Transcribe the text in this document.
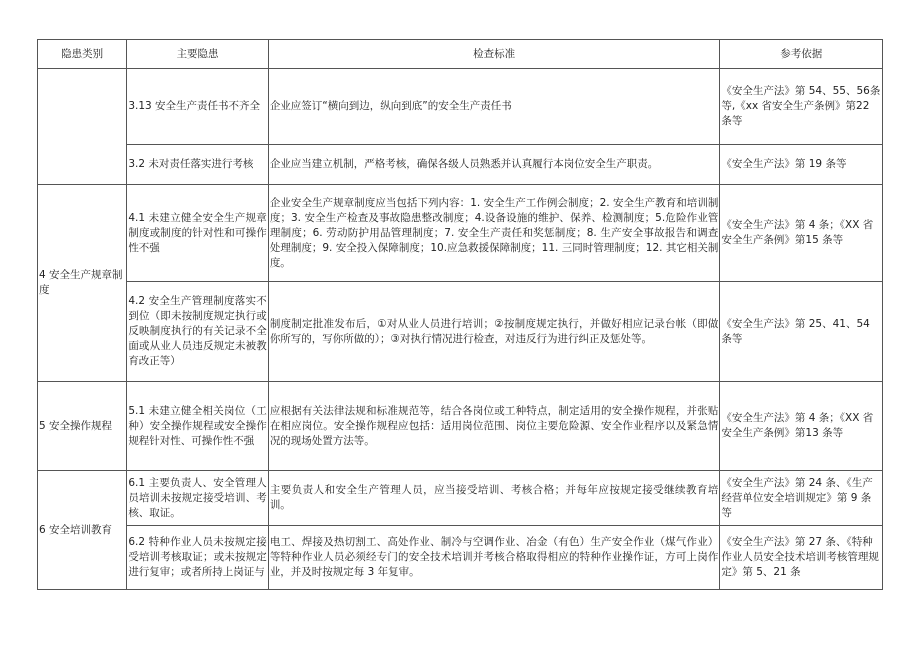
隐患类别	主要隐患	检查标准	参考依据
	3.13 安全生产责任书不齐全	企业应签订“横向到边，纵向到底”的安全生产责任书	《安全生产法》第 54、55、56条等,《xx 省安全生产条例》第22 条等
	3.2 未对责任落实进行考核	企业应当建立机制，严格考核，确保各级人员熟悉并认真履行本岗位安全生产职责。	《安全生产法》第 19 条等
4 安全生产规章制度	4.1 未建立健全安全生产规章制度或制度的针对性和可操作性不强	企业安全生产规章制度应当包括下列内容：1. 安全生产工作例会制度；2. 安全生产教育和培训制度；3. 安全生产检查及事故隐患整改制度；4.设备设施的维护、保养、检测制度；5.危险作业管理制度；6. 劳动防护用品管理制度；7. 安全生产责任和奖惩制度；8. 生产安全事故报告和调查处理制度；9. 安全投入保障制度；10.应急救援保障制度；11. 三同时管理制度；12. 其它相关制度。	《安全生产法》第 4 条；《XX 省安全生产条例》第15 条等
	4.2 安全生产管理制度落实不到位（即未按制度规定执行或反映制度执行的有关记录不全面或从业人员违反规定未被教育改正等）	制度制定批准发布后，①对从业人员进行培训；②按制度规定执行，并做好相应记录台帐（即做你所写的，写你所做的）；③对执行情况进行检查，对违反行为进行纠正及惩处等。	《安全生产法》第 25、41、54 条等
5 安全操作规程	5.1 未建立健全相关岗位（工种）安全操作规程或安全操作规程针对性、可操作性不强	应根据有关法律法规和标准规范等，结合各岗位或工种特点，制定适用的安全操作规程，并张贴在相应岗位。安全操作规程应包括：适用岗位范围、岗位主要危险源、安全作业程序以及紧急情况的现场处置方法等。	《安全生产法》第 4 条；《XX 省安全生产条例》第13 条等
6 安全培训教育	6.1 主要负责人、安全管理人员培训未按规定接受培训、考核、取证。	主要负责人和安全生产管理人员，应当接受培训、考核合格；并每年应按规定接受继续教育培训。	《安全生产法》第 24 条、《生产经营单位安全培训规定》第 9 条等
	6.2 特种作业人员未按规定接受培训考核取证；或未按规定进行复审；或者所持上岗证与	电工、焊接及热切割工、高处作业、制冷与空调作业、冶金（有色）生产安全作业（煤气作业）等特种作业人员必须经专门的安全技术培训并考核合格取得相应的特种作业操作证，方可上岗作业，并及时按规定每 3 年复审。	《安全生产法》第 27 条、《特种作业人员安全技术培训考核管理规定》第 5、21 条
